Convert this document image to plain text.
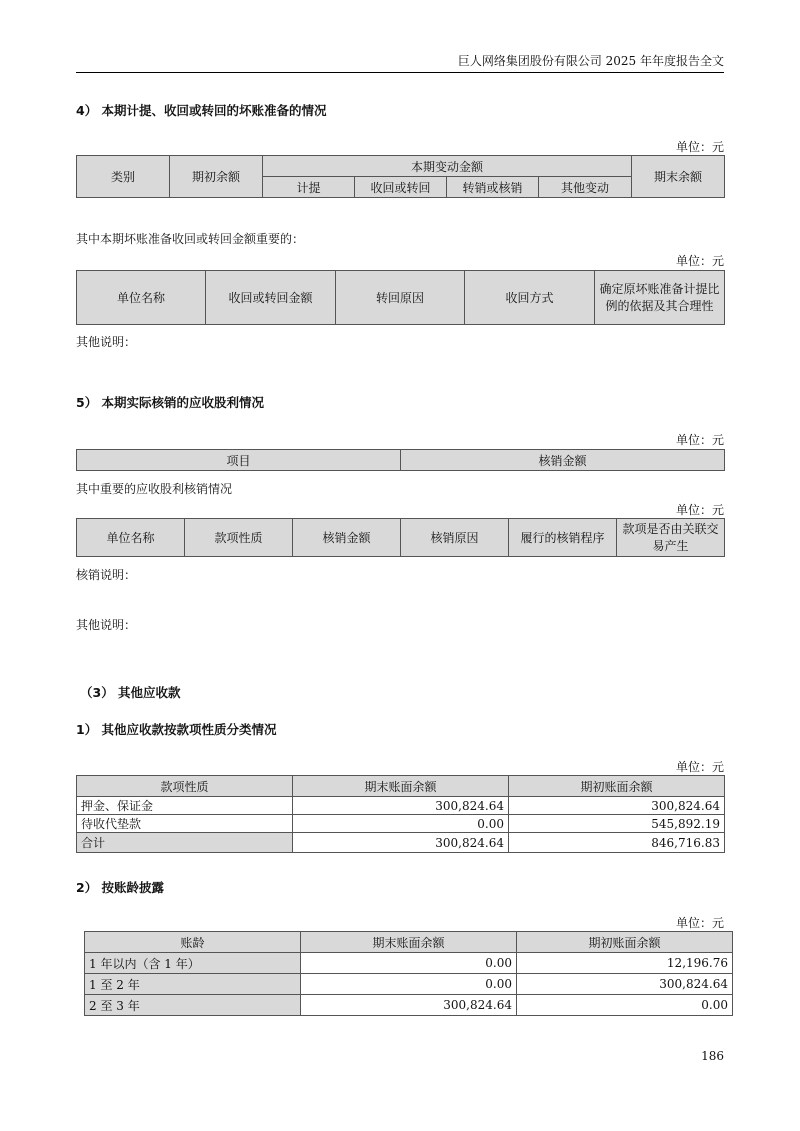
巨人网络集团股份有限公司 2025 年年度报告全文
4） 本期计提、收回或转回的坏账准备的情况
单位：元
类别	期初余额	本期变动金额				期末余额
		计提	收回或转回	转销或核销	其他变动	
其中本期坏账准备收回或转回金额重要的：
单位：元
单位名称	收回或转回金额	转回原因	收回方式	确定原坏账准备计提比例的依据及其合理性
其他说明：
5） 本期实际核销的应收股利情况
单位：元
项目	核销金额
其中重要的应收股利核销情况
单位：元
单位名称	款项性质	核销金额	核销原因	履行的核销程序	款项是否由关联交易产生
核销说明：
其他说明：
（3） 其他应收款
1） 其他应收款按款项性质分类情况
单位：元
款项性质	期末账面余额	期初账面余额
押金、保证金	300,824.64	300,824.64
待收代垫款	0.00	545,892.19
合计	300,824.64	846,716.83
2） 按账龄披露
单位：元
账龄	期末账面余额	期初账面余额
1 年以内（含 1 年）	0.00	12,196.76
1 至 2 年	0.00	300,824.64
2 至 3 年	300,824.64	0.00
186
